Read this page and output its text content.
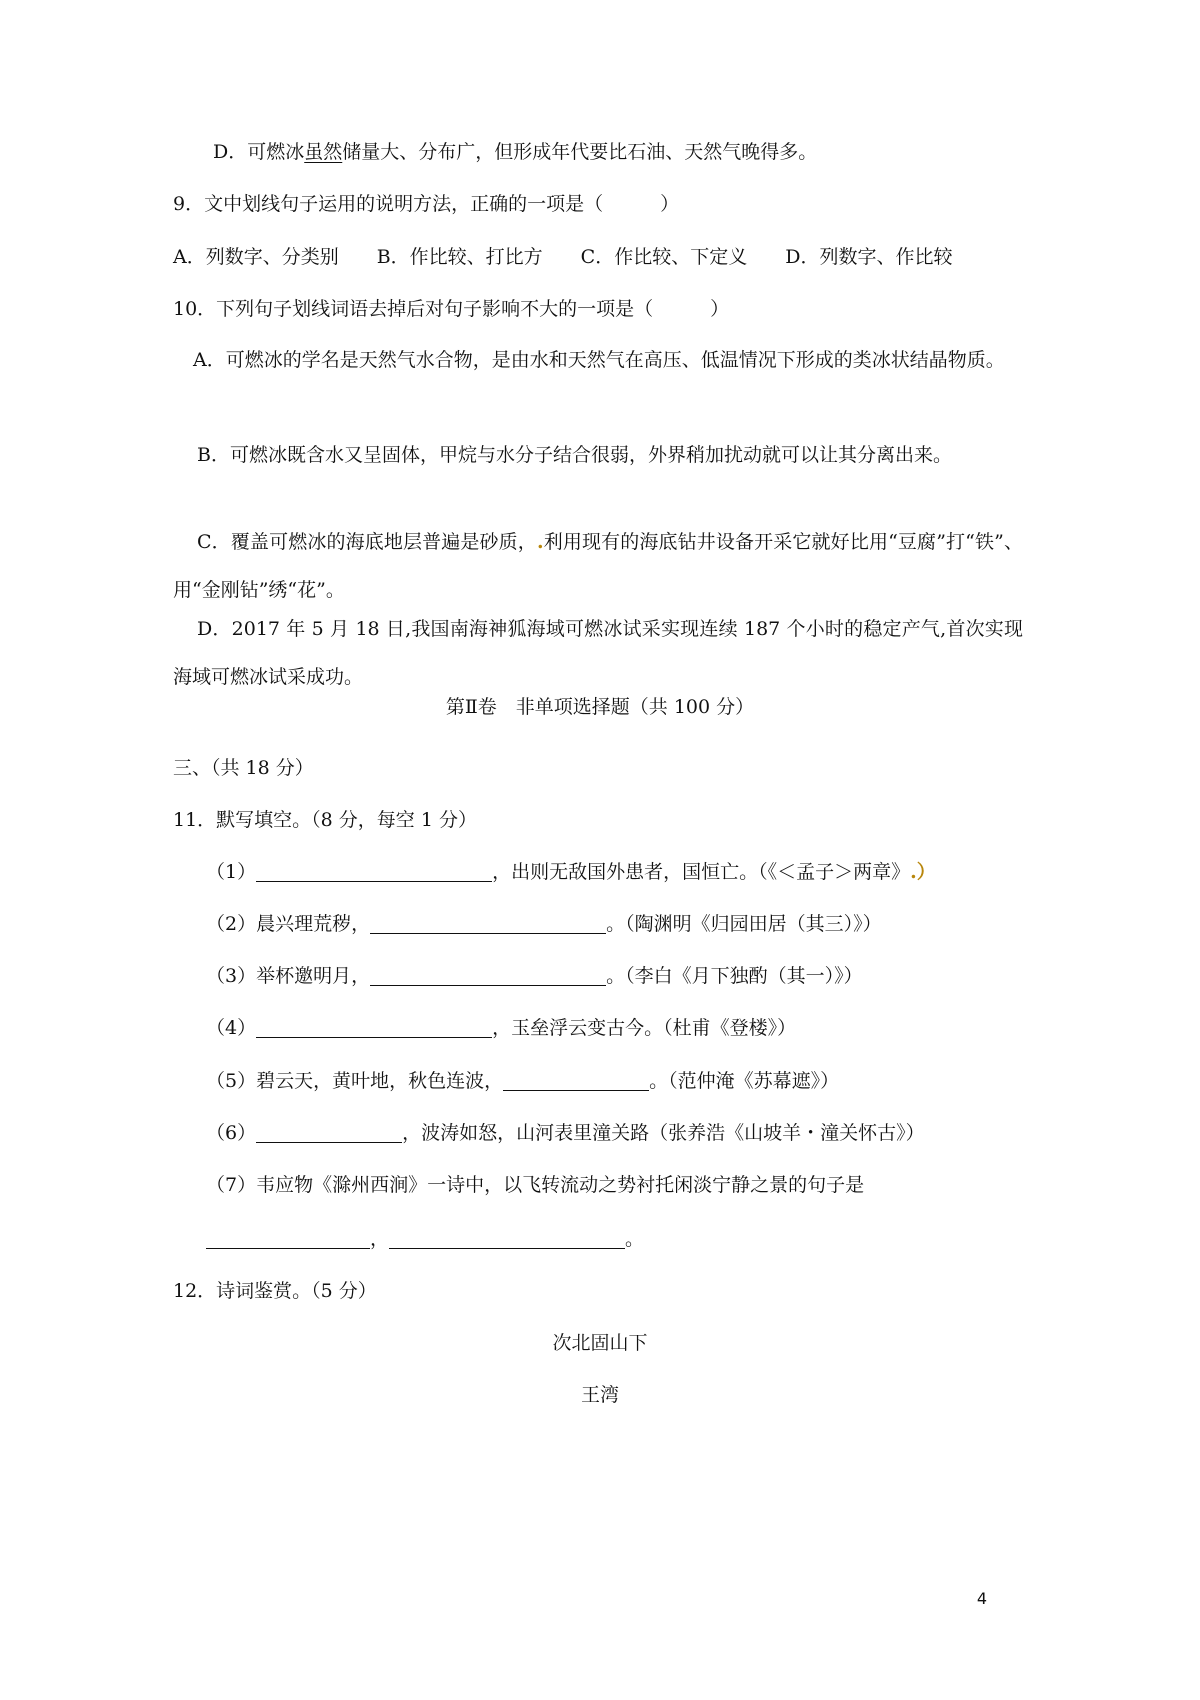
D．可燃冰虽然储量大、分布广，但形成年代要比石油、天然气晚得多。
9．文中划线句子运用的说明方法，正确的一项是（　　　）
A．列数字、分类别　　B．作比较、打比方　　C．作比较、下定义　　D．列数字、作比较
10．下列句子划线词语去掉后对句子影响不大的一项是（　　　）
A．可燃冰的学名是天然气水合物，是由水和天然气在高压、低温情况下形成的类冰状结晶物质。
B．可燃冰既含水又呈固体，甲烷与水分子结合很弱，外界稍加扰动就可以让其分离出来。
C．覆盖可燃冰的海底地层普遍是砂质，.利用现有的海底钻井设备开采它就好比用“豆腐”打“铁”、用“金刚钻”绣“花”。
D．2017 年 5 月 18 日,我国南海神狐海域可燃冰试采实现连续 187 个小时的稳定产气,首次实现海域可燃冰试采成功。
第Ⅱ卷　非单项选择题（共 100 分）
三、（共 18 分）
11．默写填空。（8 分，每空 1 分）
（1）	，出则无敌国外患者，国恒亡。（《＜孟子＞两章》.）
（2）晨兴理荒秽，	。（陶渊明《归园田居（其三）》）
（3）举杯邀明月，	。（李白《月下独酌（其一）》）
（4）	，玉垒浮云变古今。（杜甫《登楼》）
（5）碧云天，黄叶地，秋色连波，	。（范仲淹《苏幕遮》）
（6）	，波涛如怒，山河表里潼关路（张养浩《山坡羊・潼关怀古》）
（7）韦应物《滁州西涧》一诗中，以飞转流动之势衬托闲淡宁静之景的句子是
，	。
12．诗词鉴赏。（5 分）
次北固山下
王湾
4
